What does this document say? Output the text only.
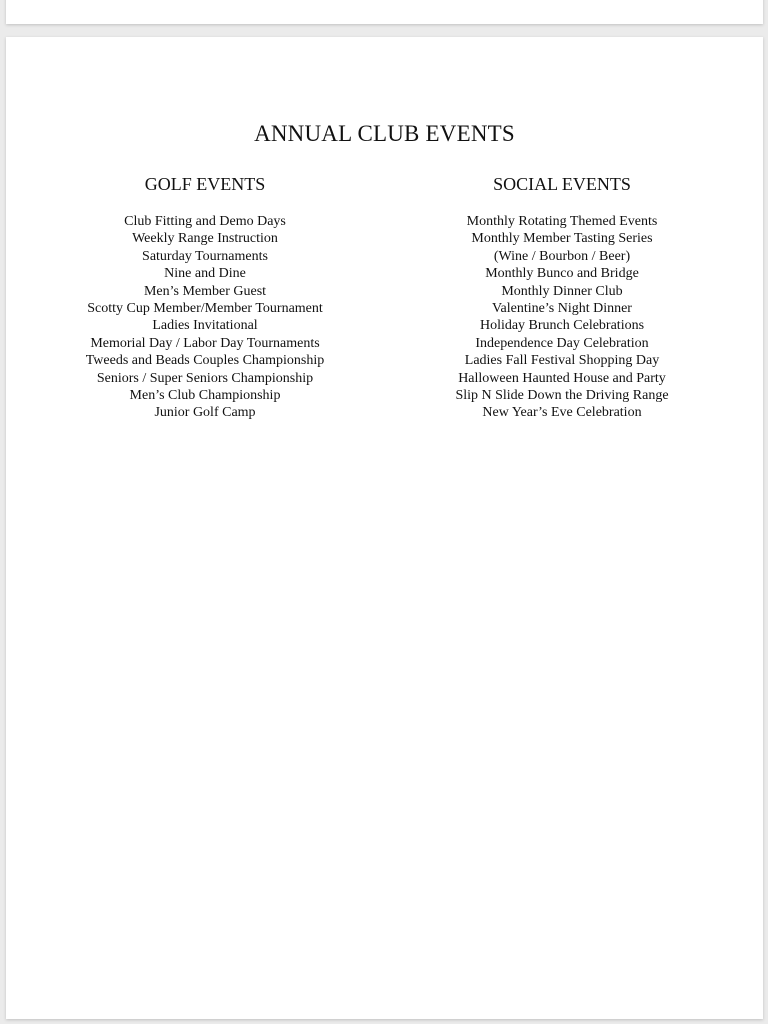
ANNUAL CLUB EVENTS
GOLF EVENTS
Club Fitting and Demo Days
Weekly Range Instruction
Saturday Tournaments
Nine and Dine
Men’s Member Guest
Scotty Cup Member/Member Tournament
Ladies Invitational
Memorial Day / Labor Day Tournaments
Tweeds and Beads Couples Championship
Seniors / Super Seniors Championship
Men’s Club Championship
Junior Golf Camp
SOCIAL EVENTS
Monthly Rotating Themed Events
Monthly Member Tasting Series
(Wine / Bourbon / Beer)
Monthly Bunco and Bridge
Monthly Dinner Club
Valentine’s Night Dinner
Holiday Brunch Celebrations
Independence Day Celebration
Ladies Fall Festival Shopping Day
Halloween Haunted House and Party
Slip N Slide Down the Driving Range
New Year’s Eve Celebration
